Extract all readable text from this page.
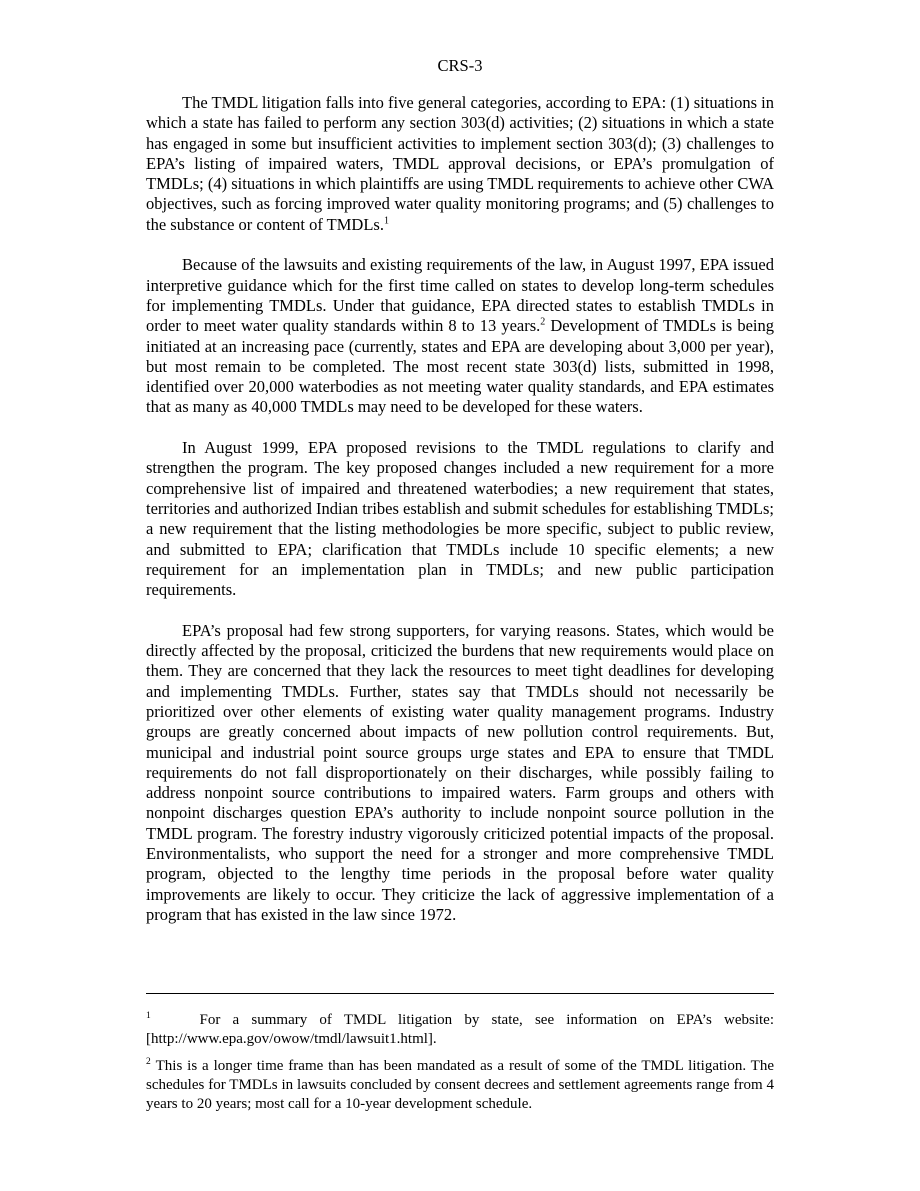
CRS-3

The TMDL litigation falls into five general categories, according to EPA: (1) situations in which a state has failed to perform any section 303(d) activities; (2) situations in which a state has engaged in some but insufficient activities to implement section 303(d); (3) challenges to EPA’s listing of impaired waters, TMDL approval decisions, or EPA’s promulgation of TMDLs; (4) situations in which plaintiffs are using TMDL requirements to achieve other CWA objectives, such as forcing improved water quality monitoring programs; and (5) challenges to the substance or content of TMDLs.$^1$

Because of the lawsuits and existing requirements of the law, in August 1997, EPA issued interpretive guidance which for the first time called on states to develop long-term schedules for implementing TMDLs. Under that guidance, EPA directed states to establish TMDLs in order to meet water quality standards within 8 to 13 years.$^2$ Development of TMDLs is being initiated at an increasing pace (currently, states and EPA are developing about 3,000 per year), but most remain to be completed. The most recent state 303(d) lists, submitted in 1998, identified over 20,000 waterbodies as not meeting water quality standards, and EPA estimates that as many as 40,000 TMDLs may need to be developed for these waters.

In August 1999, EPA proposed revisions to the TMDL regulations to clarify and strengthen the program. The key proposed changes included a new requirement for a more comprehensive list of impaired and threatened waterbodies; a new requirement that states, territories and authorized Indian tribes establish and submit schedules for establishing TMDLs; a new requirement that the listing methodologies be more specific, subject to public review, and submitted to EPA; clarification that TMDLs include 10 specific elements; a new requirement for an implementation plan in TMDLs; and new public participation requirements.

EPA’s proposal had few strong supporters, for varying reasons. States, which would be directly affected by the proposal, criticized the burdens that new requirements would place on them. They are concerned that they lack the resources to meet tight deadlines for developing and implementing TMDLs. Further, states say that TMDLs should not necessarily be prioritized over other elements of existing water quality management programs. Industry groups are greatly concerned about impacts of new pollution control requirements. But, municipal and industrial point source groups urge states and EPA to ensure that TMDL requirements do not fall disproportionately on their discharges, while possibly failing to address nonpoint source contributions to impaired waters. Farm groups and others with nonpoint discharges question EPA’s authority to include nonpoint source pollution in the TMDL program. The forestry industry vigorously criticized potential impacts of the proposal. Environmentalists, who support the need for a stronger and more comprehensive TMDL program, objected to the lengthy time periods in the proposal before water quality improvements are likely to occur. They criticize the lack of aggressive implementation of a program that has existed in the law since 1972.

$^1$	For a summary of TMDL litigation by state, see information on EPA’s website: [http://www.epa.gov/owow/tmdl/lawsuit1.html].

$^2$ This is a longer time frame than has been mandated as a result of some of the TMDL litigation. The schedules for TMDLs in lawsuits concluded by consent decrees and settlement agreements range from 4 years to 20 years; most call for a 10-year development schedule.
